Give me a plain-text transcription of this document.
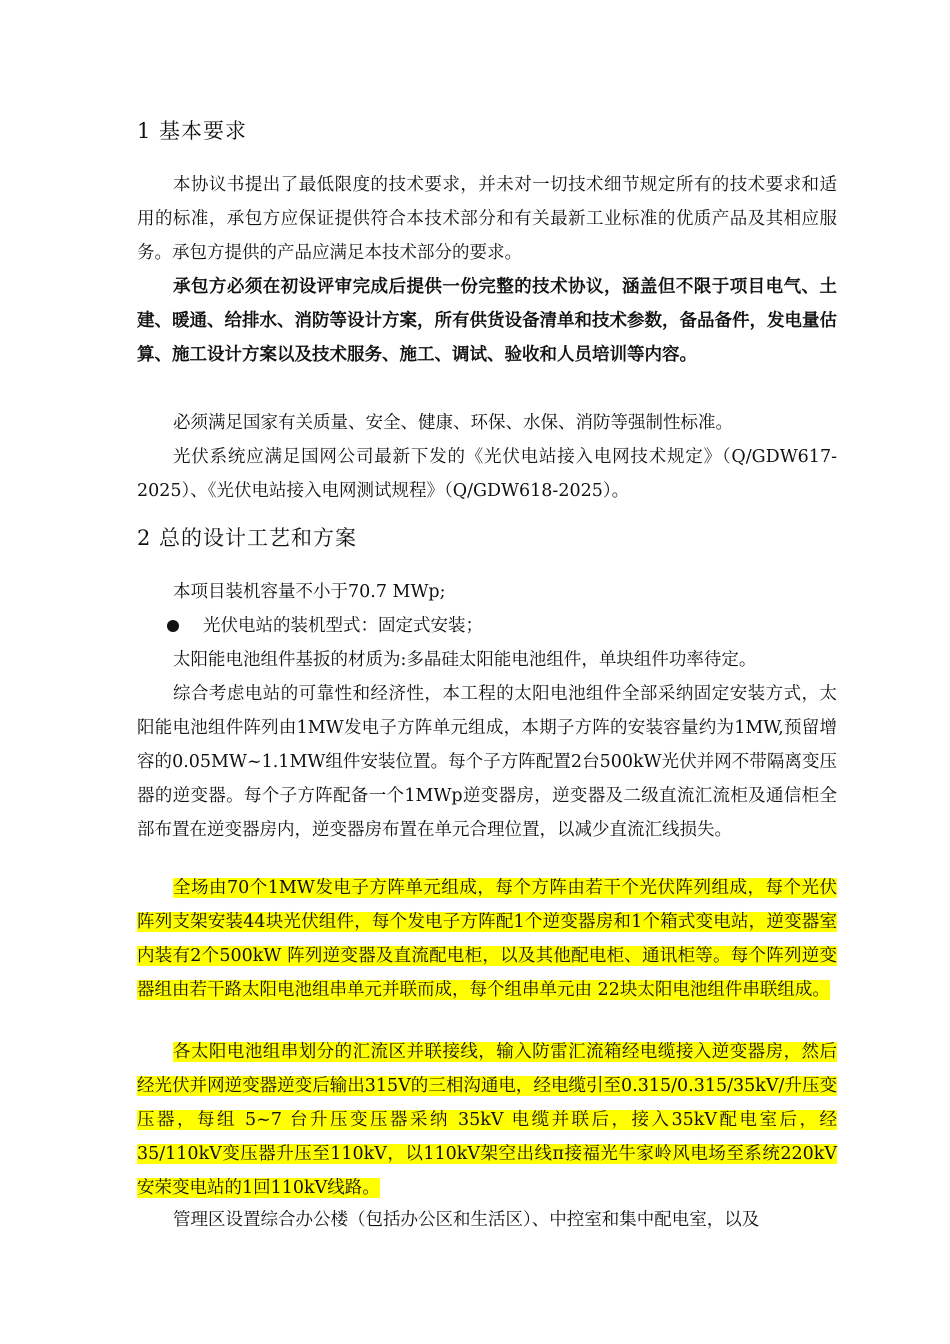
1 基本要求

本协议书提出了最低限度的技术要求，并未对一切技术细节规定所有的技术要求和适用的标准，承包方应保证提供符合本技术部分和有关最新工业标准的优质产品及其相应服务。承包方提供的产品应满足本技术部分的要求。

承包方必须在初设评审完成后提供一份完整的技术协议，涵盖但不限于项目电气、土建、暖通、给排水、消防等设计方案，所有供货设备清单和技术参数，备品备件，发电量估算、施工设计方案以及技术服务、施工、调试、验收和人员培训等内容。

必须满足国家有关质量、安全、健康、环保、水保、消防等强制性标准。

光伏系统应满足国网公司最新下发的《光伏电站接入电网技术规定》（Q/GDW617-2025）、《光伏电站接入电网测试规程》（Q/GDW618-2025）。

2 总的设计工艺和方案

本项目装机容量不小于70.7 MWp;

光伏电站的装机型式：固定式安装；

太阳能电池组件基扳的材质为:多晶硅太阳能电池组件，单块组件功率待定。

综合考虑电站的可靠性和经济性，本工程的太阳电池组件全部采纳固定安装方式，太阳能电池组件阵列由1MW发电子方阵单元组成，本期子方阵的安装容量约为1MW,预留增容的0.05MW~1.1MW组件安装位置。每个子方阵配置2台500kW光伏并网不带隔离变压器的逆变器。每个子方阵配备一个1MWp逆变器房，逆变器及二级直流汇流柜及通信柜全部布置在逆变器房内，逆变器房布置在单元合理位置，以减少直流汇线损失。

全场由70个1MW发电子方阵单元组成，每个方阵由若干个光伏阵列组成，每个光伏阵列支架安装44块光伏组件，每个发电子方阵配1个逆变器房和1个箱式变电站，逆变器室内装有2个500kW 阵列逆变器及直流配电柜，以及其他配电柜、通讯柜等。每个阵列逆变器组由若干路太阳电池组串单元并联而成，每个组串单元由 22块太阳电池组件串联组成。

各太阳电池组串划分的汇流区并联接线，输入防雷汇流箱经电缆接入逆变器房，然后经光伏并网逆变器逆变后输出315V的三相沟通电，经电缆引至0.315/0.315/35kV/升压变压器，每组 5~7 台升压变压器采纳 35kV 电缆并联后，接入35kV配电室后，经35/110kV变压器升压至110kV，以110kV架空出线π接福光牛家岭风电场至系统220kV安荣变电站的1回110kV线路。

管理区设置综合办公楼（包括办公区和生活区）、中控室和集中配电室，以及
